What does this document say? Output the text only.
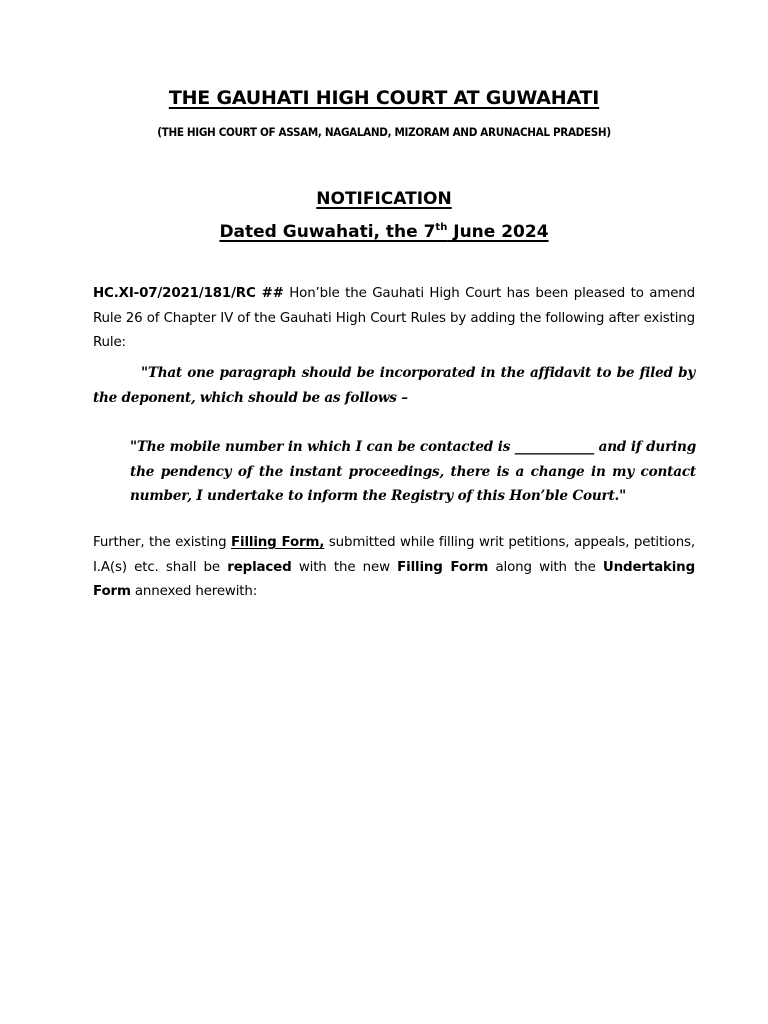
THE GAUHATI HIGH COURT AT GUWAHATI
(THE HIGH COURT OF ASSAM, NAGALAND, MIZORAM AND ARUNACHAL PRADESH)
NOTIFICATION
Dated Guwahati, the 7th June 2024
HC.XI-07/2021/181/RC ## Hon’ble the Gauhati High Court has been pleased to amend Rule 26 of Chapter IV of the Gauhati High Court Rules by adding the following after existing Rule:
"That one paragraph should be incorporated in the affidavit to be filed by the deponent, which should be as follows –
"The mobile number in which I can be contacted is ____________ and if during the pendency of the instant proceedings, there is a change in my contact number, I undertake to inform the Registry of this Hon’ble Court."
Further, the existing Filling Form, submitted while filling writ petitions, appeals, petitions, I.A(s) etc. shall be replaced with the new Filling Form along with the Undertaking Form annexed herewith:
